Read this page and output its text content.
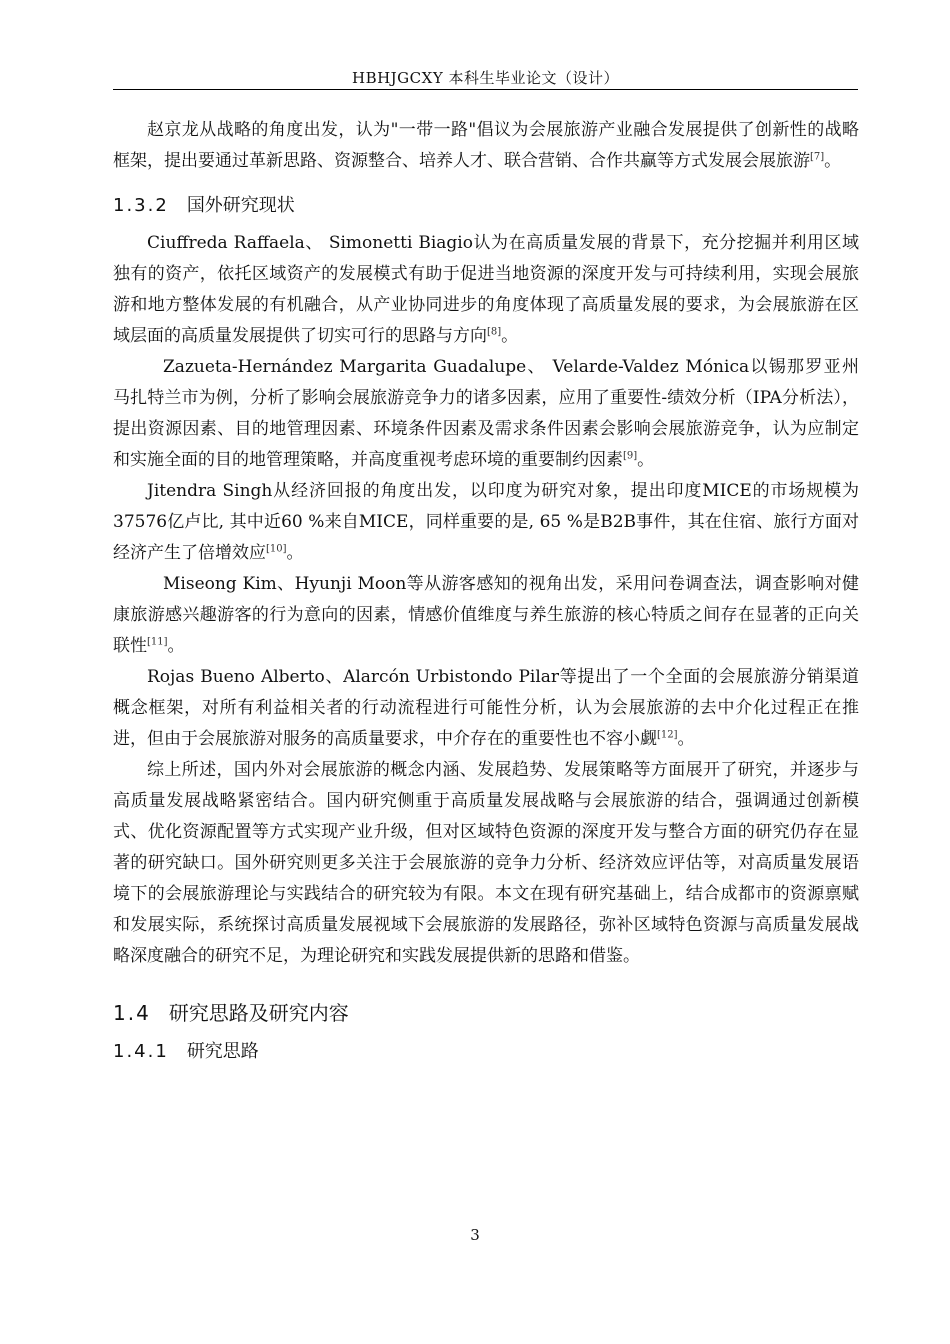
HBHJGCXY 本科生毕业论文（设计）

赵京龙从战略的角度出发，认为"一带一路"倡议为会展旅游产业融合发展提供了创新性的战略框架，提出要通过革新思路、资源整合、培养人才、联合营销、合作共赢等方式发展会展旅游[7]。

1.3.2 国外研究现状

Ciuffreda Raffaela、 Simonetti Biagio认为在高质量发展的背景下，充分挖掘并利用区域独有的资产，依托区域资产的发展模式有助于促进当地资源的深度开发与可持续利用，实现会展旅游和地方整体发展的有机融合，从产业协同进步的角度体现了高质量发展的要求，为会展旅游在区域层面的高质量发展提供了切实可行的思路与方向[8]。

Zazueta-Hernández Margarita Guadalupe、 Velarde-Valdez Mónica以锡那罗亚州马扎特兰市为例，分析了影响会展旅游竞争力的诸多因素，应用了重要性-绩效分析（IPA分析法），提出资源因素、目的地管理因素、环境条件因素及需求条件因素会影响会展旅游竞争，认为应制定和实施全面的目的地管理策略，并高度重视考虑环境的重要制约因素[9]。

Jitendra Singh从经济回报的角度出发，以印度为研究对象，提出印度MICE的市场规模为37576亿卢比, 其中近60 %来自MICE，同样重要的是, 65 %是B2B事件，其在住宿、旅行方面对经济产生了倍增效应[10]。

Miseong Kim、Hyunji Moon等从游客感知的视角出发，采用问卷调查法，调查影响对健康旅游感兴趣游客的行为意向的因素，情感价值维度与养生旅游的核心特质之间存在显著的正向关联性[11]。

Rojas Bueno Alberto、Alarcón Urbistondo Pilar等提出了一个全面的会展旅游分销渠道概念框架，对所有利益相关者的行动流程进行可能性分析，认为会展旅游的去中介化过程正在推进，但由于会展旅游对服务的高质量要求，中介存在的重要性也不容小觑[12]。

综上所述，国内外对会展旅游的概念内涵、发展趋势、发展策略等方面展开了研究，并逐步与高质量发展战略紧密结合。国内研究侧重于高质量发展战略与会展旅游的结合，强调通过创新模式、优化资源配置等方式实现产业升级，但对区域特色资源的深度开发与整合方面的研究仍存在显著的研究缺口。国外研究则更多关注于会展旅游的竞争力分析、经济效应评估等，对高质量发展语境下的会展旅游理论与实践结合的研究较为有限。本文在现有研究基础上，结合成都市的资源禀赋和发展实际，系统探讨高质量发展视域下会展旅游的发展路径，弥补区域特色资源与高质量发展战略深度融合的研究不足，为理论研究和实践发展提供新的思路和借鉴。

1.4 研究思路及研究内容
1.4.1 研究思路
3
